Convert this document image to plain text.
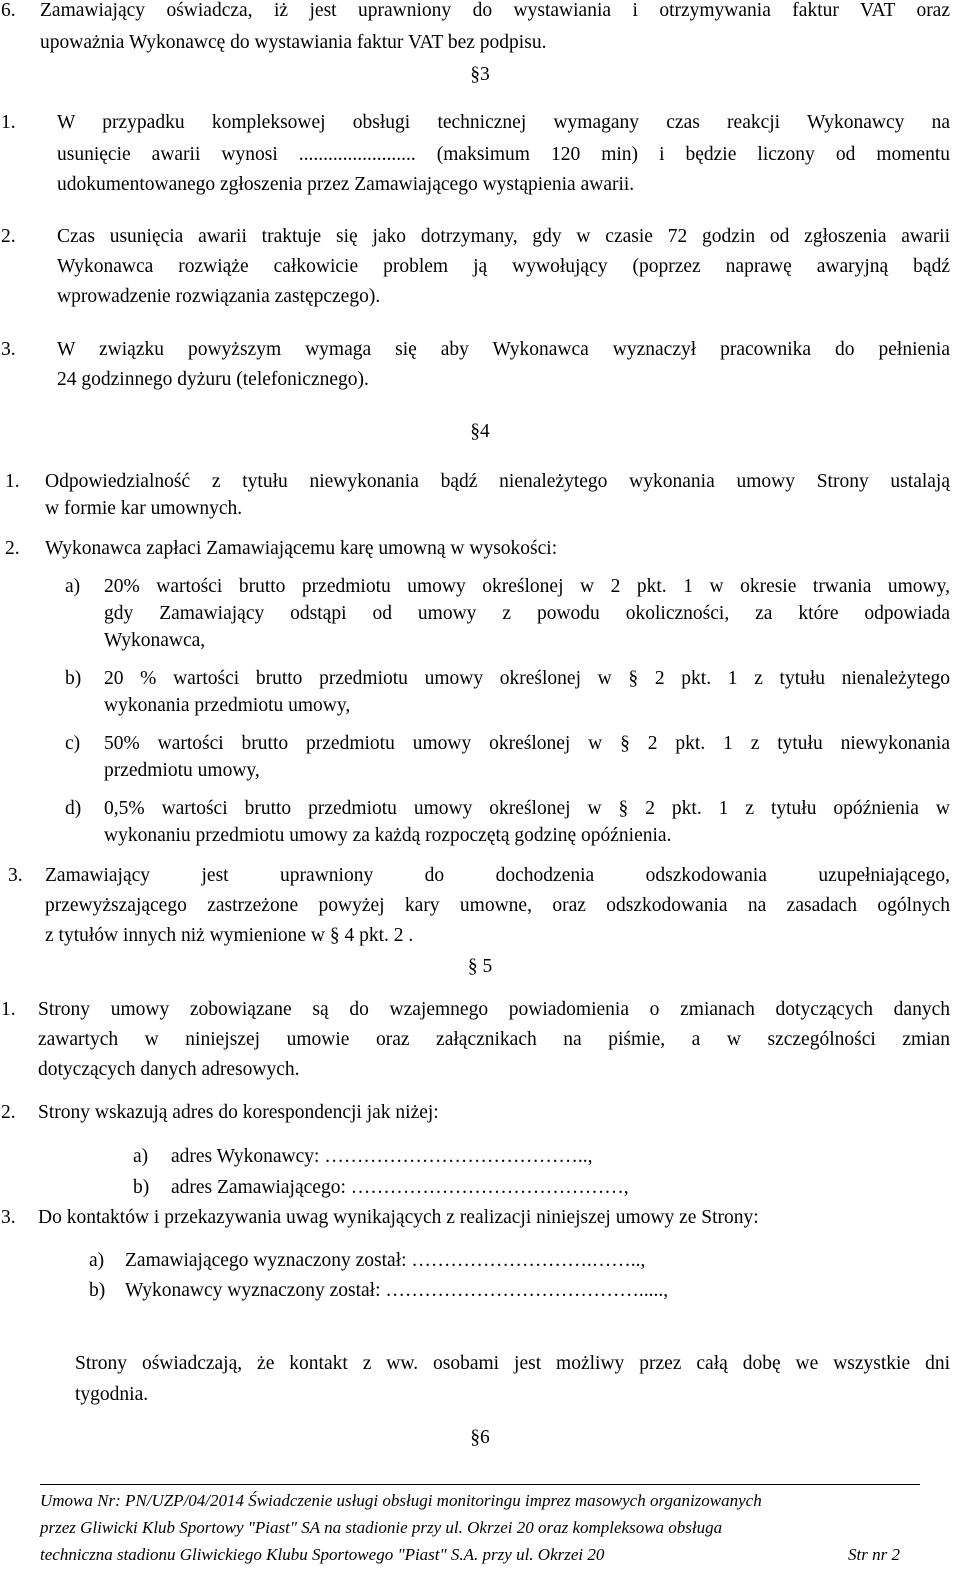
6. Zamawiający oświadcza, iż jest uprawniony do wystawiania i otrzymywania faktur VAT oraz
upoważnia Wykonawcę do wystawiania faktur VAT bez podpisu.
§3
1. W przypadku kompleksowej obsługi technicznej wymagany czas reakcji Wykonawcy na
usunięcie awarii wynosi ........................ (maksimum 120 min) i będzie liczony od momentu
udokumentowanego zgłoszenia przez Zamawiającego wystąpienia awarii.
2. Czas usunięcia awarii traktuje się jako dotrzymany, gdy w czasie 72 godzin od zgłoszenia awarii
Wykonawca rozwiąże całkowicie problem ją wywołujący (poprzez naprawę awaryjną bądź
wprowadzenie rozwiązania zastępczego).
3. W związku powyższym wymaga się aby Wykonawca wyznaczył pracownika do pełnienia
24 godzinnego dyżuru (telefonicznego).
§4
1. Odpowiedzialność z tytułu niewykonania bądź nienależytego wykonania umowy Strony ustalają
w formie kar umownych.
2. Wykonawca zapłaci Zamawiającemu karę umowną w wysokości:
a) 20% wartości brutto przedmiotu umowy określonej w 2 pkt. 1 w okresie trwania umowy,
gdy Zamawiający odstąpi od umowy z powodu okoliczności, za które odpowiada
Wykonawca,
b) 20 % wartości brutto przedmiotu umowy określonej w § 2 pkt. 1 z tytułu nienależytego
wykonania przedmiotu umowy,
c) 50% wartości brutto przedmiotu umowy określonej w § 2 pkt. 1 z tytułu niewykonania
przedmiotu umowy,
d) 0,5% wartości brutto przedmiotu umowy określonej w § 2 pkt. 1 z tytułu opóźnienia w
wykonaniu przedmiotu umowy za każdą rozpoczętą godzinę opóźnienia.
3. Zamawiający jest uprawniony do dochodzenia odszkodowania uzupełniającego,
przewyższającego zastrzeżone powyżej kary umowne, oraz odszkodowania na zasadach ogólnych
z tytułów innych niż wymienione w § 4 pkt. 2 .
§ 5
1. Strony umowy zobowiązane są do wzajemnego powiadomienia o zmianach dotyczących danych
zawartych w niniejszej umowie oraz załącznikach na piśmie, a w szczególności zmian
dotyczących danych adresowych.
2. Strony wskazują adres do korespondencji jak niżej:
a) adres Wykonawcy: …………………………………..,
b) adres Zamawiającego: ……………………………………,
3. Do kontaktów i przekazywania uwag wynikających z realizacji niniejszej umowy ze Strony:
a) Zamawiającego wyznaczony został: ……………………….……..,
b) Wykonawcy wyznaczony został: ………………………………….....,
Strony oświadczają, że kontakt z ww. osobami jest możliwy przez całą dobę we wszystkie dni
tygodnia.
§6
Umowa Nr: PN/UZP/04/2014 Świadczenie usługi obsługi monitoringu imprez masowych organizowanych
przez Gliwicki Klub Sportowy "Piast" SA na stadionie przy ul. Okrzei 20 oraz kompleksowa obsługa
techniczna stadionu Gliwickiego Klubu Sportowego "Piast" S.A. przy ul. Okrzei 20	Str nr 2
